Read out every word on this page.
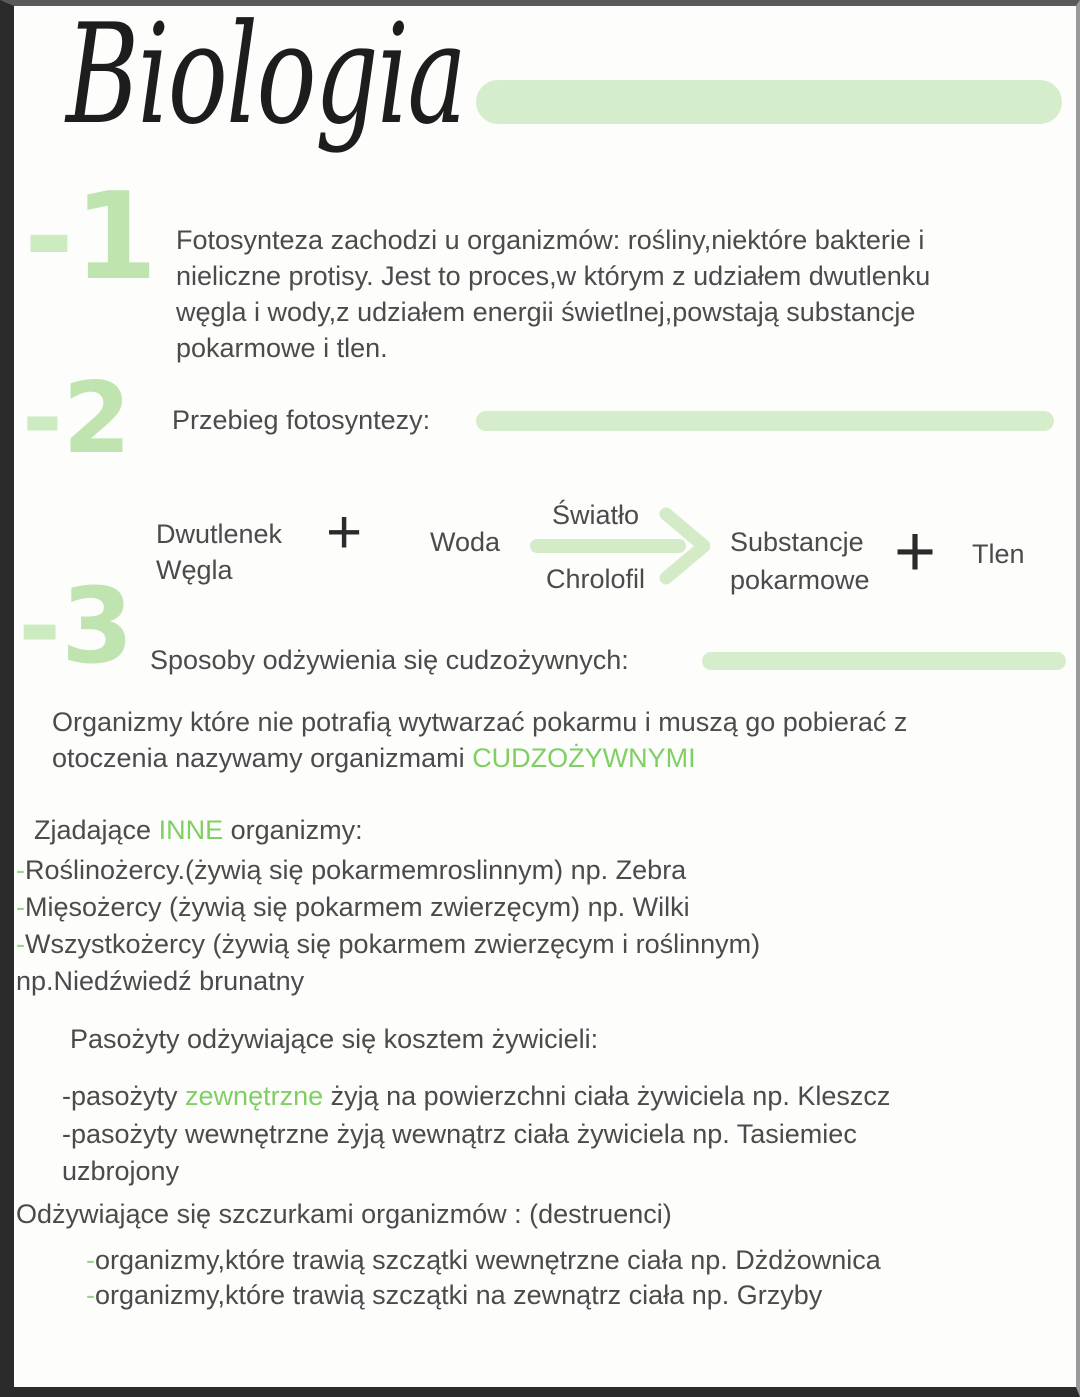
Biologia
-1 Fotosynteza zachodzi u organizmów: rośliny,niektóre bakterie i
nieliczne protisy. Jest to proces,w którym z udziałem dwutlenku
węgla i wody,z udziałem energii świetlnej,powstają substancje
pokarmowe i tlen.
-2 Przebieg fotosyntezy:
Dwutlenek
Węgla
+	Woda
Światło
Chrolofil
Substancje
pokarmowe + Tlen
-3 Sposoby odżywienia się cudzożywnych:
Organizmy które nie potrafią wytwarzać pokarmu i muszą go pobierać z
otoczenia nazywamy organizmami CUDZOŻYWNYMI
Zjadające INNE organizmy:
-Roślinożercy.(żywią się pokarmemroslinnym) np. Zebra
-Mięsożercy (żywią się pokarmem zwierzęcym) np. Wilki
-Wszystkożercy (żywią się pokarmem zwierzęcym i roślinnym)
np.Niedźwiedź brunatny
Pasożyty odżywiające się kosztem żywicieli:
-pasożyty zewnętrzne żyją na powierzchni ciała żywiciela np. Kleszcz
-pasożyty wewnętrzne żyją wewnątrz ciała żywiciela np. Tasiemiec
uzbrojony
Odżywiające się szczurkami organizmów : (destruenci)
-organizmy,które trawią szczątki wewnętrzne ciała np. Dżdżownica
-organizmy,które trawią szczątki na zewnątrz ciała np. Grzyby
